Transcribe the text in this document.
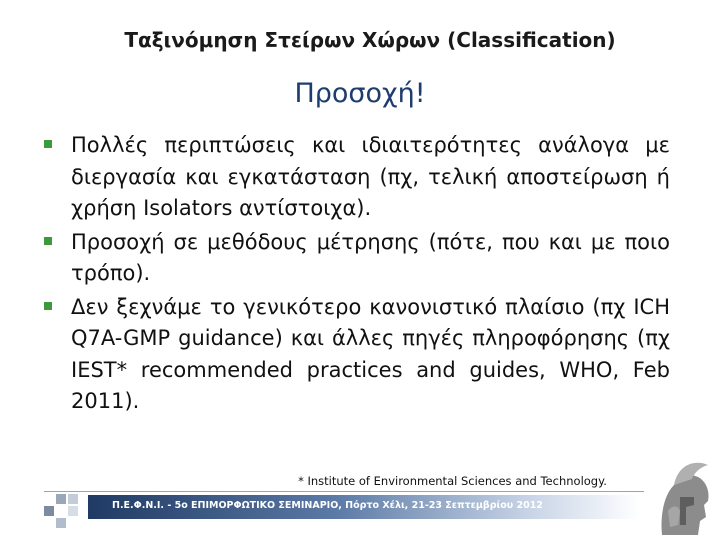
Ταξινόμηση Στείρων Χώρων (Classification)
Προσοχή!
Πολλές περιπτώσεις και ιδιαιτερότητες ανάλογα με διεργασία και εγκατάσταση (πχ, τελική αποστείρωση ή χρήση Isolators αντίστοιχα).
Προσοχή σε μεθόδους μέτρησης (πότε, που και με ποιο τρόπο).
Δεν ξεχνάμε το γενικότερο κανονιστικό πλαίσιο (πχ ICH Q7A-GMP guidance) και άλλες πηγές πληροφόρησης (πχ IEST* recommended practices and guides, WHO, Feb 2011).
* Institute of Environmental Sciences and Technology.
Π.Ε.Φ.Ν.Ι. - 5ο ΕΠΙΜΟΡΦΩΤΙΚΟ ΣΕΜΙΝΑΡΙΟ, Πόρτο Χέλι, 21-23 Σεπτεμβρίου 2012
